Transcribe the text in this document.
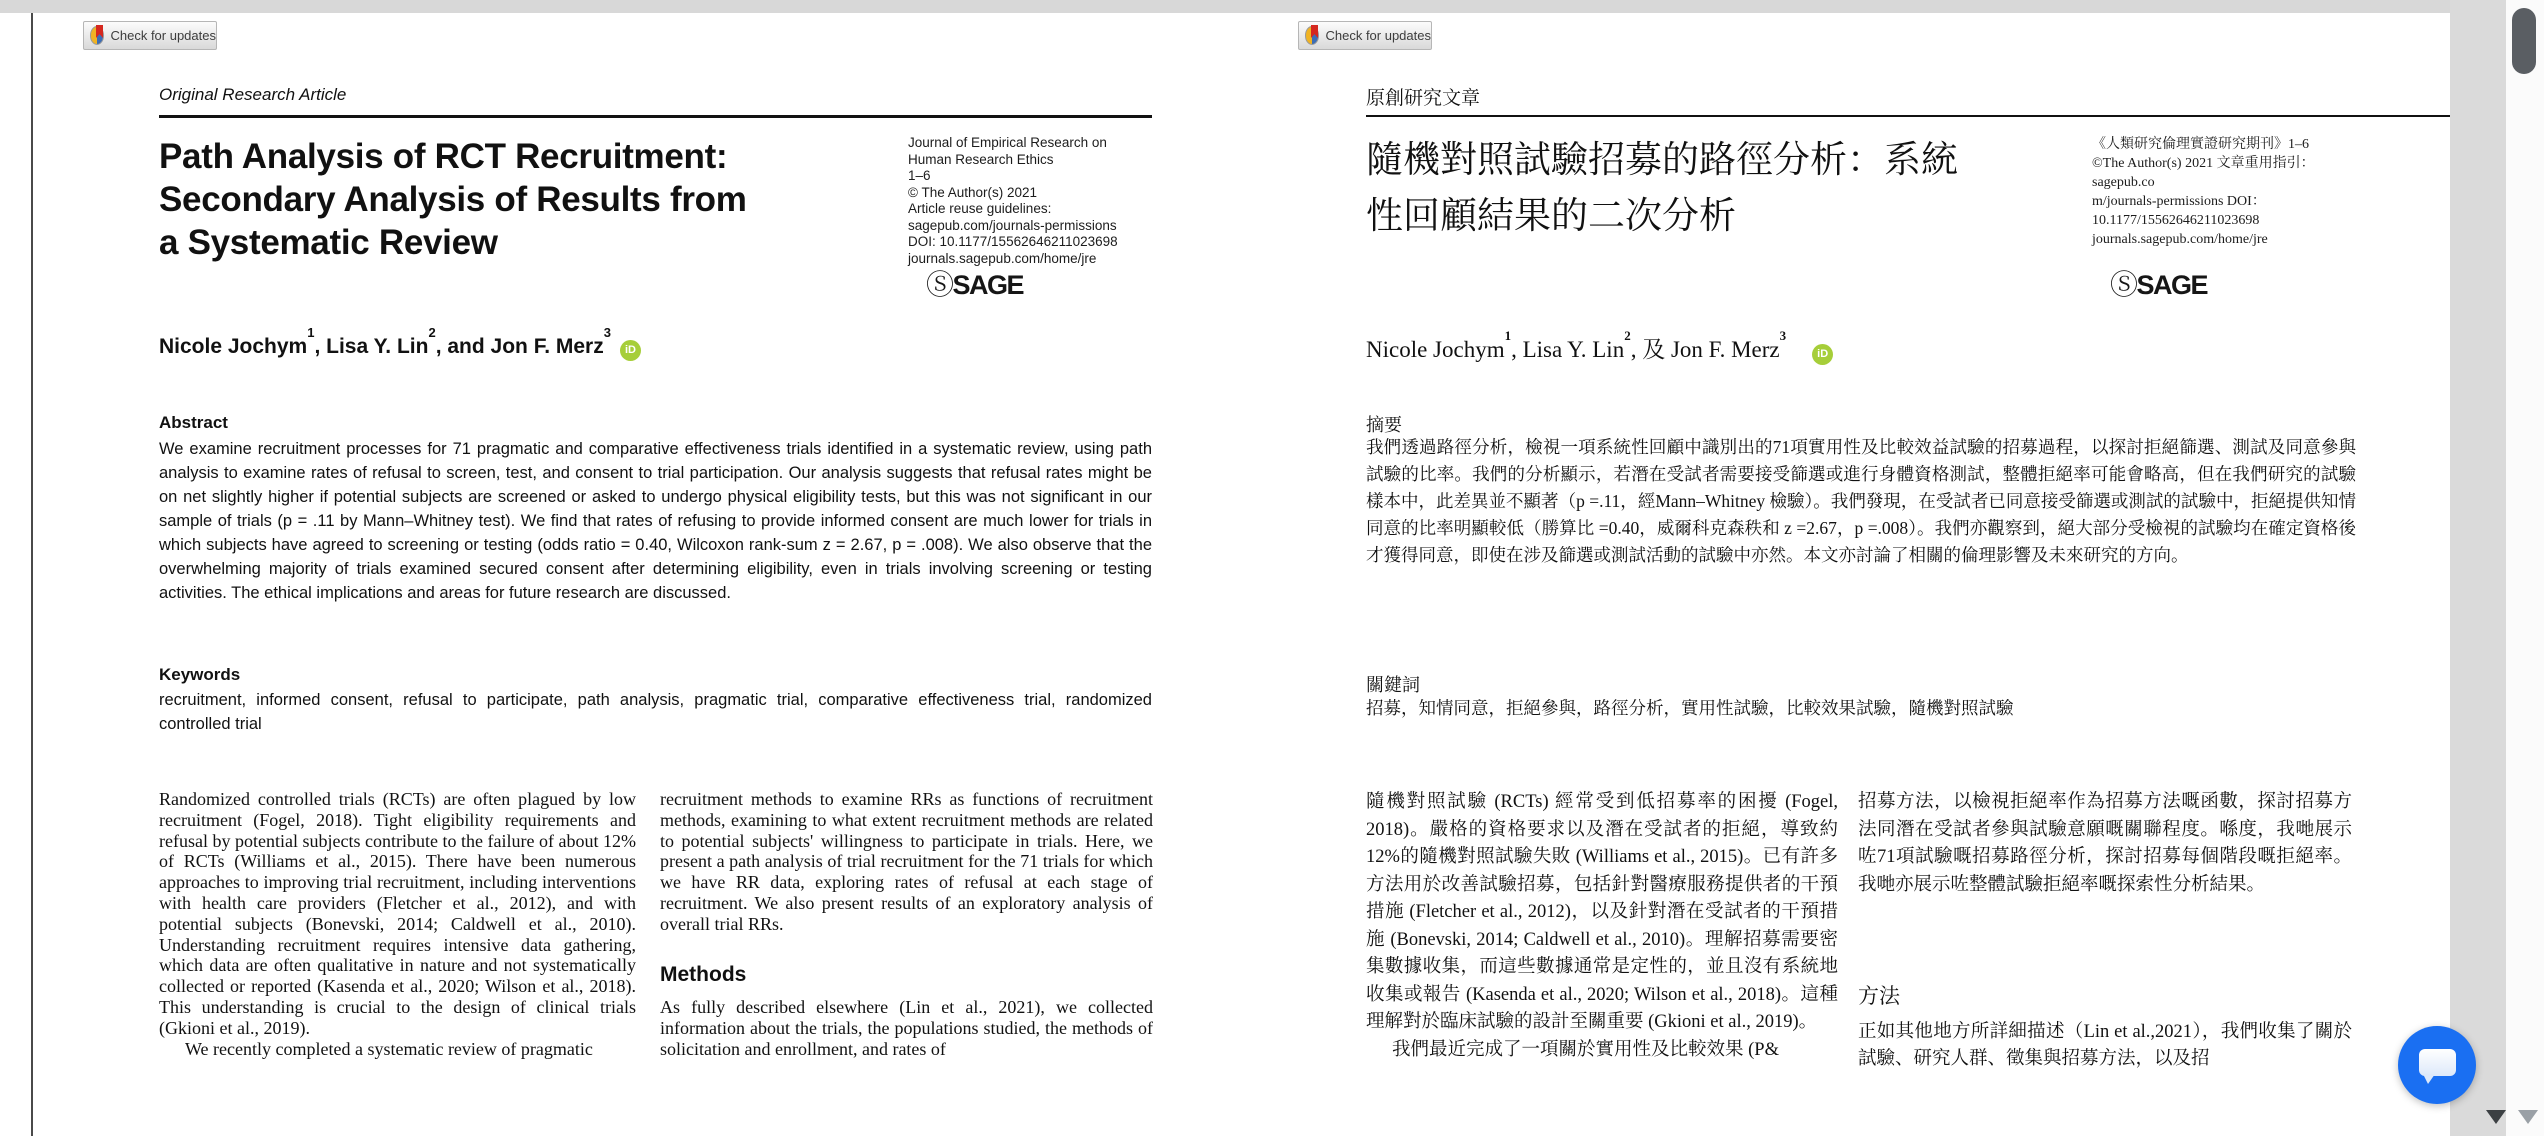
Check for updates
Original Research Article
Path Analysis of RCT Recruitment:
Secondary Analysis of Results from
a Systematic Review
Journal of Empirical Research on
Human Research Ethics
1–6
© The Author(s) 2021
Article reuse guidelines:
sagepub.com/journals-permissions
DOI: 10.1177/15562646211023698
journals.sagepub.com/home/jre
ⓈSAGE
Nicole Jochym$^1$, Lisa Y. Lin$^2$, and Jon F. Merz$^3$iD
Abstract
We examine recruitment processes for 71 pragmatic and comparative effectiveness trials identified in a systematic review, using path analysis to examine rates of refusal to screen, test, and consent to trial participation. Our analysis suggests that refusal rates might be on net slightly higher if potential subjects are screened or asked to undergo physical eligibility tests, but this was not significant in our sample of trials (p = .11 by Mann–Whitney test). We find that rates of refusing to provide informed consent are much lower for trials in which subjects have agreed to screening or testing (odds ratio = 0.40, Wilcoxon rank-sum z = 2.67, p = .008). We also observe that the overwhelming majority of trials examined secured consent after determining eligibility, even in trials involving screening or testing activities. The ethical implications and areas for future research are discussed.
Keywords
recruitment, informed consent, refusal to participate, path analysis, pragmatic trial, comparative effectiveness trial, randomized controlled trial

Randomized controlled trials (RCTs) are often plagued by low recruitment (Fogel, 2018). Tight eligibility requirements and refusal by potential subjects contribute to the failure of about 12% of RCTs (Williams et al., 2015). There have been numerous approaches to improving trial recruitment, including interventions with health care providers (Fletcher et al., 2012), and with potential subjects (Bonevski, 2014; Caldwell et al., 2010). Understanding recruitment requires intensive data gathering, which data are often qualitative in nature and not systematically collected or reported (Kasenda et al., 2020; Wilson et al., 2018). This understanding is crucial to the design of clinical trials (Gkioni et al., 2019).

We recently completed a systematic review of pragmatic

recruitment methods to examine RRs as functions of recruitment methods, examining to what extent recruitment methods are related to potential subjects' willingness to participate in trials. Here, we present a path analysis of trial recruitment for the 71 trials for which we have RR data, exploring rates of refusal at each stage of recruitment. We also present results of an exploratory analysis of overall trial RRs.

Methods

As fully described elsewhere (Lin et al., 2021), we collected information about the trials, the populations studied, the methods of solicitation and enrollment, and rates of

Check for updates
原創研究文章
隨機對照試驗招募的路徑分析：系統
性回顧結果的二次分析
《人類研究倫理實證研究期刊》1–6
©The Author(s) 2021 文章重用指引：
sagepub.co
m/journals-permissions DOI：
10.1177/15562646211023698
journals.sagepub.com/home/jre
ⓈSAGE
Nicole Jochym$^1$, Lisa Y. Lin$^2$, 及 Jon F. Merz$^3$iD
摘要
我們透過路徑分析，檢視一項系統性回顧中識別出的71項實用性及比較效益試驗的招募過程，以探討拒絕篩選、測試及同意參與試驗的比率。我們的分析顯示，若潛在受試者需要接受篩選或進行身體資格測試，整體拒絕率可能會略高，但在我們研究的試驗樣本中，此差異並不顯著（p =.11，經Mann–Whitney 檢驗）。我們發現，在受試者已同意接受篩選或測試的試驗中，拒絕提供知情同意的比率明顯較低（勝算比 =0.40，威爾科克森秩和 z =2.67，p =.008）。我們亦觀察到，絕大部分受檢視的試驗均在確定資格後才獲得同意，即使在涉及篩選或測試活動的試驗中亦然。本文亦討論了相關的倫理影響及未來研究的方向。
關鍵詞
招募，知情同意，拒絕參與，路徑分析，實用性試驗，比較效果試驗，隨機對照試驗

隨機對照試驗 (RCTs) 經常受到低招募率的困擾 (Fogel, 2018)。嚴格的資格要求以及潛在受試者的拒絕，導致約12%的隨機對照試驗失敗 (Williams et al., 2015)。已有許多方法用於改善試驗招募，包括針對醫療服務提供者的干預措施 (Fletcher et al., 2012)，以及針對潛在受試者的干預措施 (Bonevski, 2014; Caldwell et al., 2010)。理解招募需要密集數據收集，而這些數據通常是定性的，並且沒有系統地收集或報告 (Kasenda et al., 2020; Wilson et al., 2018)。這種理解對於臨床試驗的設計至關重要 (Gkioni et al., 2019)。

我們最近完成了一項關於實用性及比較效果 (P&

招募方法，以檢視拒絕率作為招募方法嘅函數，探討招募方法同潛在受試者參與試驗意願嘅關聯程度。喺度，我哋展示咗71項試驗嘅招募路徑分析，探討招募每個階段嘅拒絕率。我哋亦展示咗整體試驗拒絕率嘅探索性分析結果。

方法

正如其他地方所詳細描述（Lin et al.,2021），我們收集了關於試驗、研究人群、徵集與招募方法，以及招
